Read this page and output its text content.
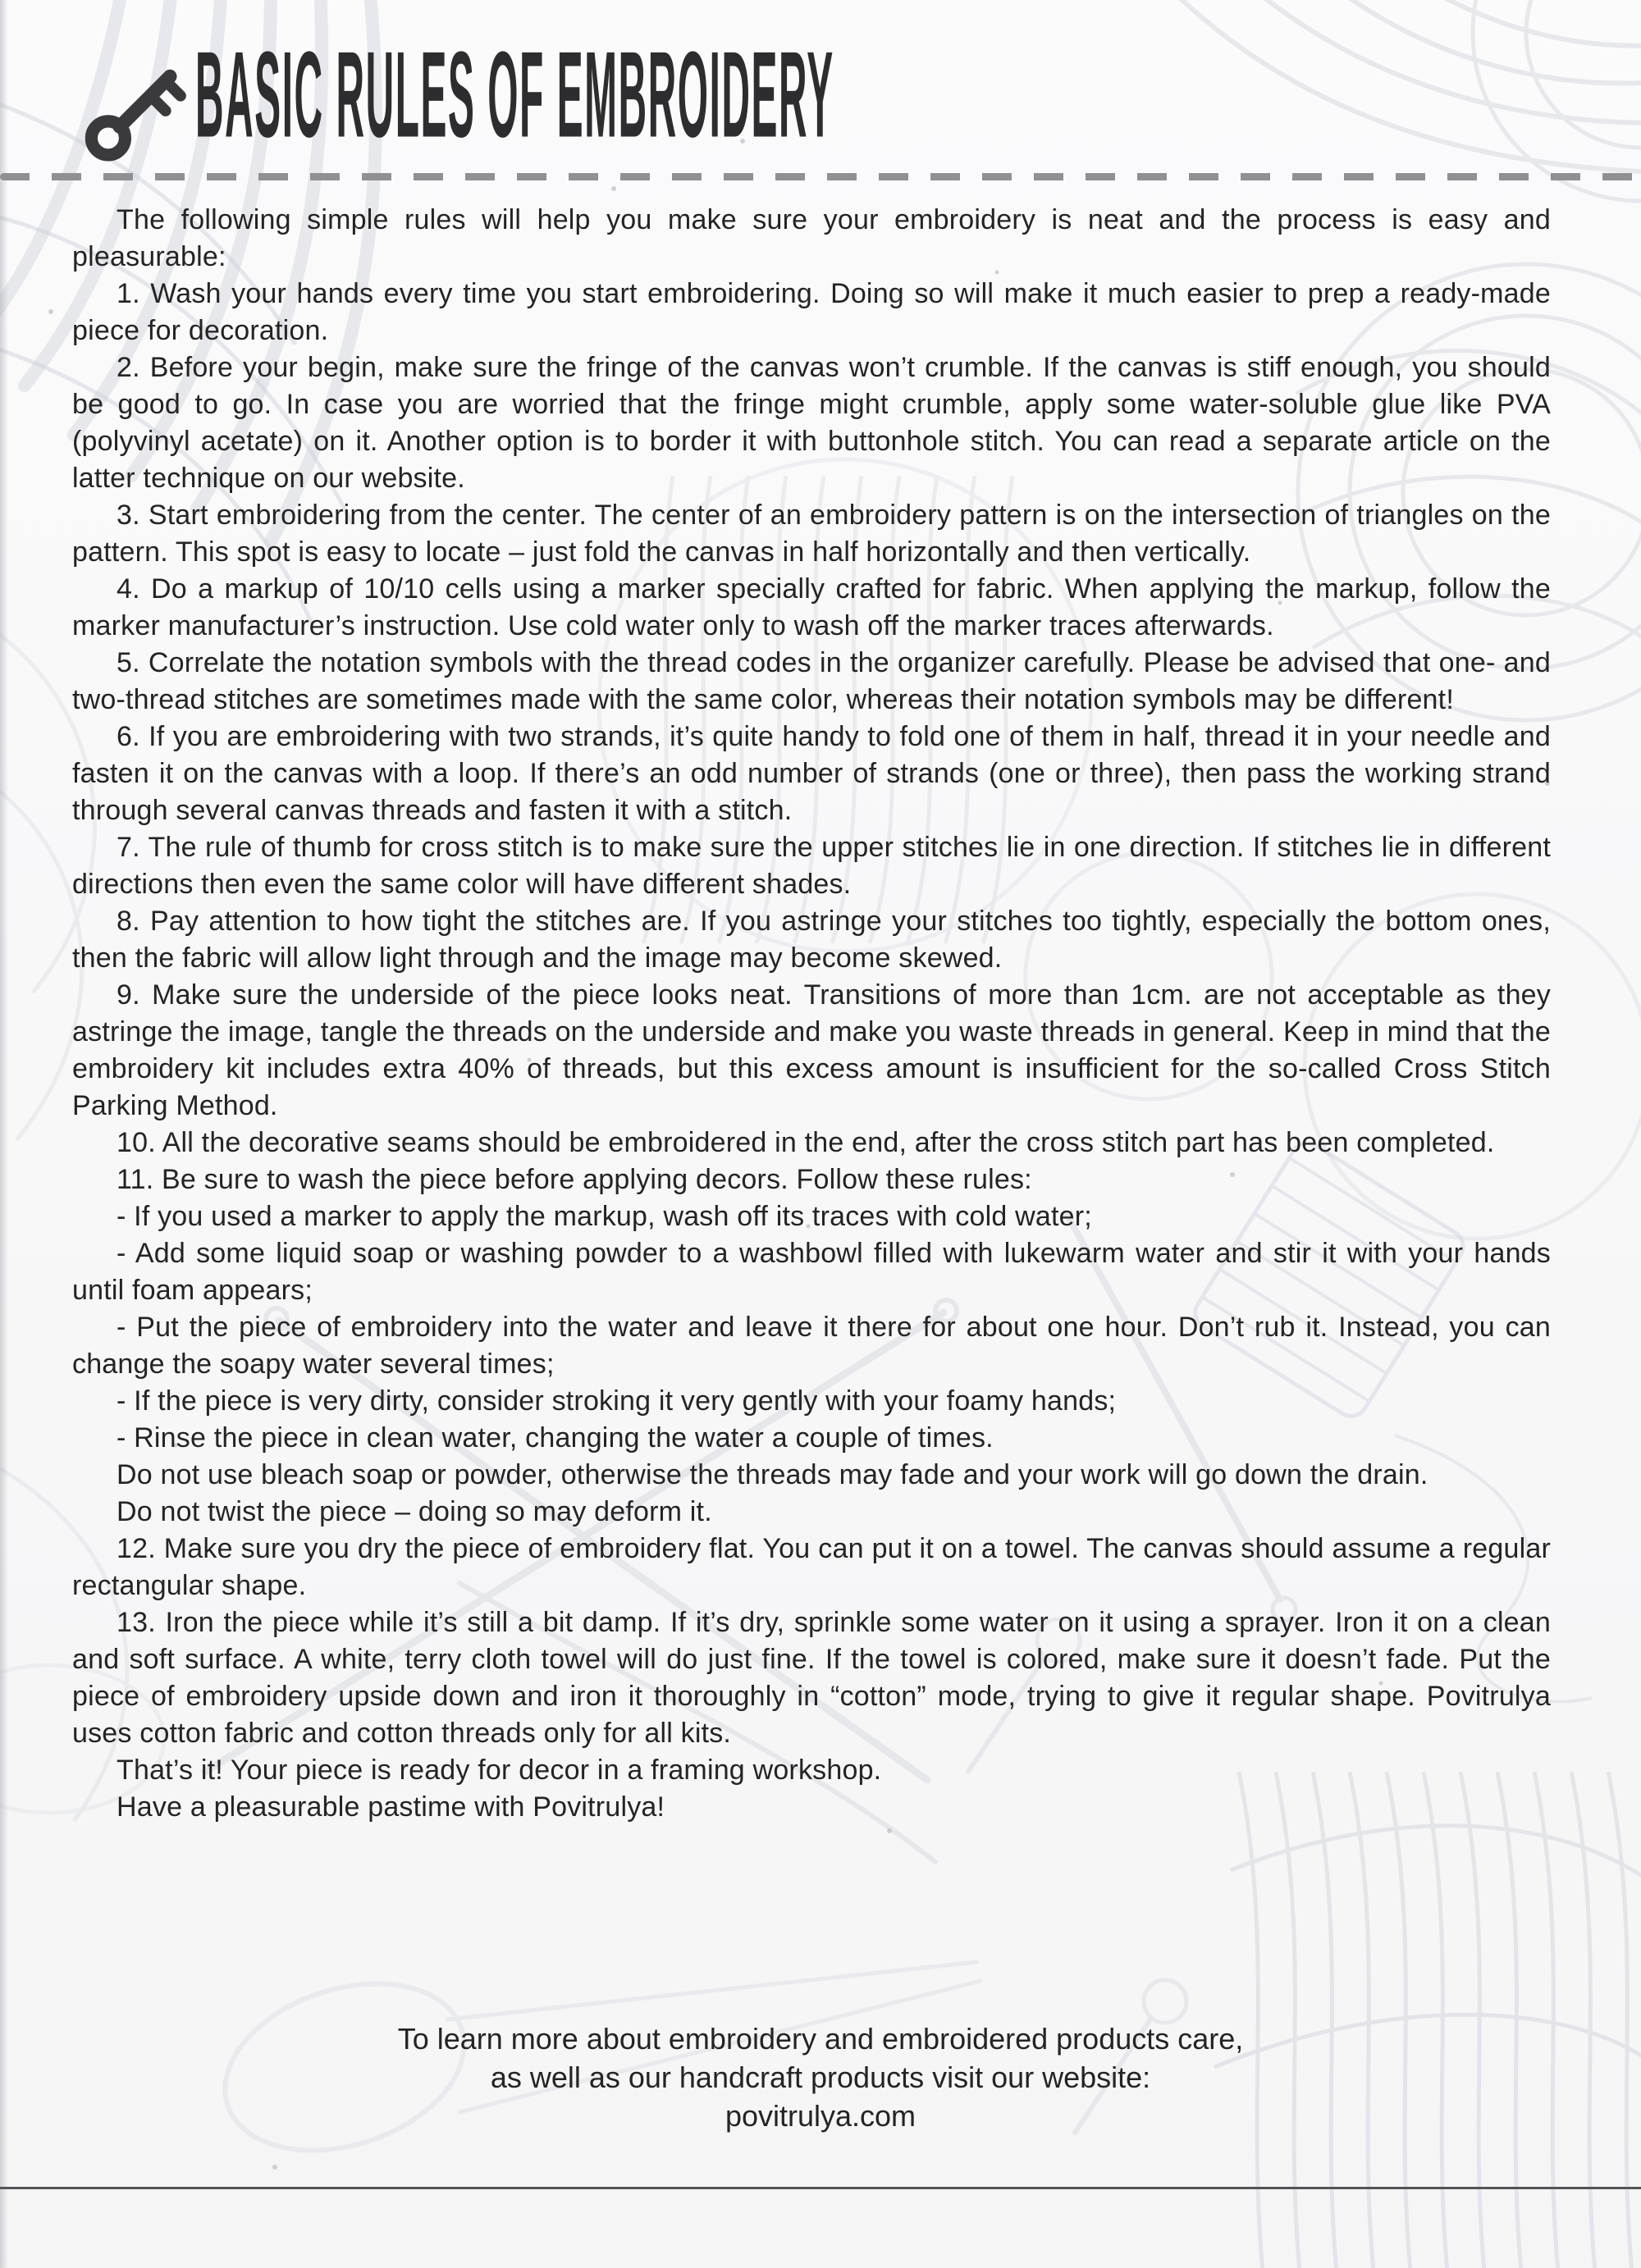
BASIC RULES OF EMBROIDERY

The following simple rules will help you make sure your embroidery is neat and the process is easy and pleasurable:

1. Wash your hands every time you start embroidering. Doing so will make it much easier to prep a ready-made piece for decoration.

2. Before your begin, make sure the fringe of the canvas won’t crumble. If the canvas is stiff enough, you should be good to go. In case you are worried that the fringe might crumble, apply some water-soluble glue like PVA (polyvinyl acetate) on it. Another option is to border it with buttonhole stitch. You can read a separate article on the latter technique on our website.

3. Start embroidering from the center. The center of an embroidery pattern is on the intersection of triangles on the pattern. This spot is easy to locate – just fold the canvas in half horizontally and then vertically.

4. Do a markup of 10/10 cells using a marker specially crafted for fabric. When applying the markup, follow the marker manufacturer’s instruction. Use cold water only to wash off the marker traces afterwards.

5. Correlate the notation symbols with the thread codes in the organizer carefully. Please be advised that one- and two-thread stitches are sometimes made with the same color, whereas their notation symbols may be different!

6. If you are embroidering with two strands, it’s quite handy to fold one of them in half, thread it in your needle and fasten it on the canvas with a loop. If there’s an odd number of strands (one or three), then pass the working strand through several canvas threads and fasten it with a stitch.

7. The rule of thumb for cross stitch is to make sure the upper stitches lie in one direction. If stitches lie in different directions then even the same color will have different shades.

8. Pay attention to how tight the stitches are. If you astringe your stitches too tightly, especially the bottom ones, then the fabric will allow light through and the image may become skewed.

9. Make sure the underside of the piece looks neat. Transitions of more than 1cm. are not acceptable as they astringe the image, tangle the threads on the underside and make you waste threads in general. Keep in mind that the embroidery kit includes extra 40% of threads, but this excess amount is insufficient for the so-called Cross Stitch Parking Method.

10. All the decorative seams should be embroidered in the end, after the cross stitch part has been completed.

11. Be sure to wash the piece before applying decors. Follow these rules:

- If you used a marker to apply the markup, wash off its traces with cold water;

- Add some liquid soap or washing powder to a washbowl filled with lukewarm water and stir it with your hands until foam appears;

- Put the piece of embroidery into the water and leave it there for about one hour. Don’t rub it. Instead, you can change the soapy water several times;

- If the piece is very dirty, consider stroking it very gently with your foamy hands;

- Rinse the piece in clean water, changing the water a couple of times.

Do not use bleach soap or powder, otherwise the threads may fade and your work will go down the drain.

Do not twist the piece – doing so may deform it.

12. Make sure you dry the piece of embroidery flat. You can put it on a towel. The canvas should assume a regular rectangular shape.

13. Iron the piece while it’s still a bit damp. If it’s dry, sprinkle some water on it using a sprayer. Iron it on a clean and soft surface. A white, terry cloth towel will do just fine. If the towel is colored, make sure it doesn’t fade. Put the piece of embroidery upside down and iron it thoroughly in “cotton” mode, trying to give it regular shape. Povitrulya uses cotton fabric and cotton threads only for all kits.

That’s it! Your piece is ready for decor in a framing workshop.

Have a pleasurable pastime with Povitrulya!

To learn more about embroidery and embroidered products care,
as well as our handcraft products visit our website:
povitrulya.com
